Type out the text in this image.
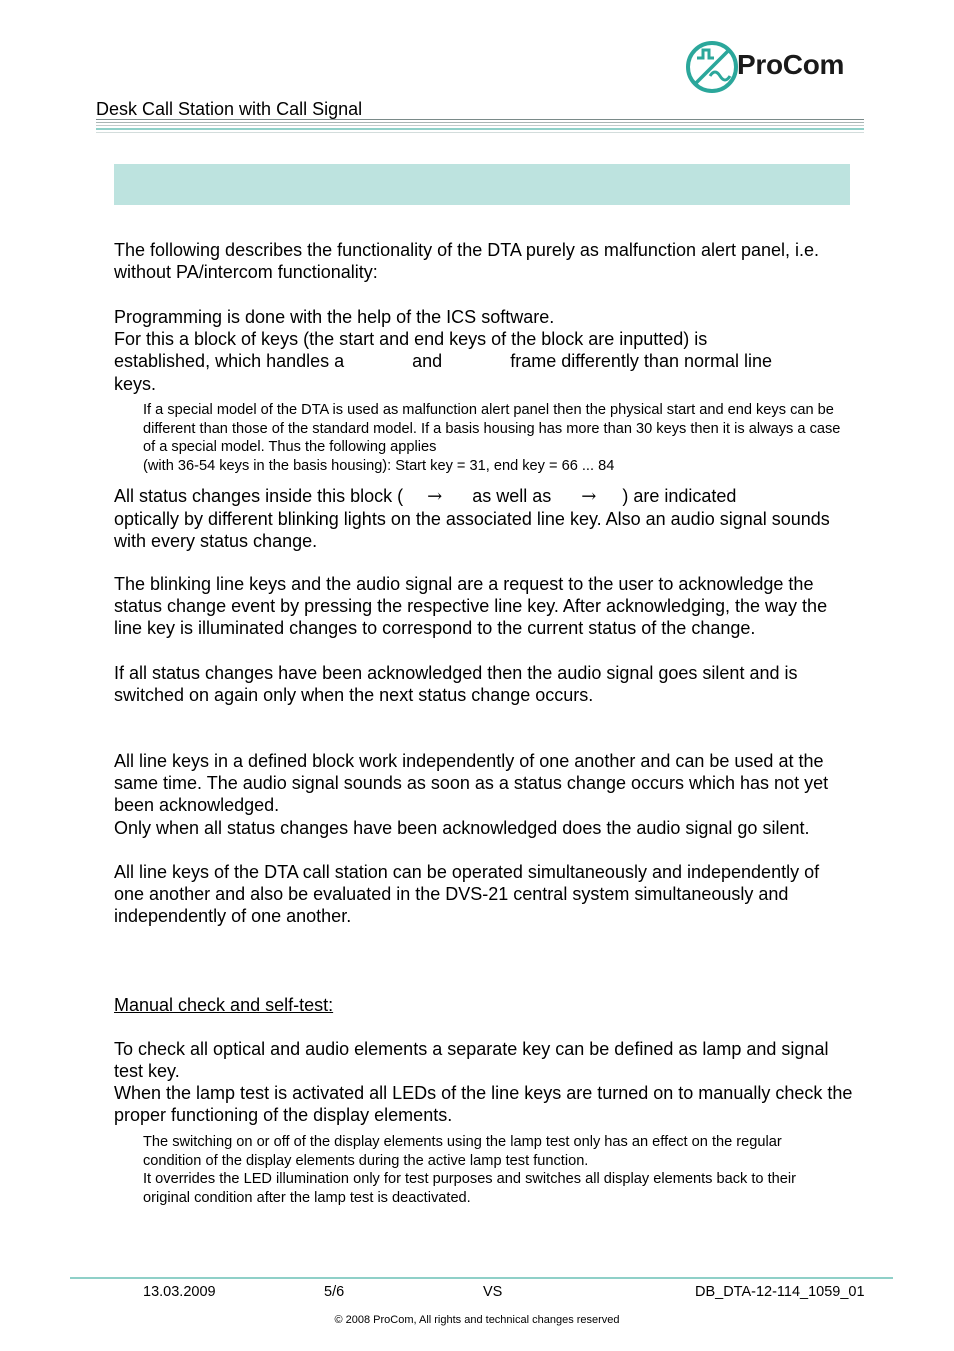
ProCom
Desk Call Station with Call Signal
The following describes the functionality of the DTA purely as malfunction alert panel, i.e. without PA/intercom functionality:
Programming is done with the help of the ICS software.
For this a block of keys (the start and end keys of the block are inputted) is
established, which handles a	and	frame differently than normal line
keys.
If a special model of the DTA is used as malfunction alert panel then the physical start and end keys can be different than those of the standard model. If a basis housing has more than 30 keys then it is always a case of a special model. Thus the following applies
(with 36-54 keys in the basis housing): Start key = 31, end key = 66 ... 84
All status changes inside this block ( → as well as → ) are indicated
optically by different blinking lights on the associated line key. Also an audio signal sounds with every status change.
The blinking line keys and the audio signal are a request to the user to acknowledge the status change event by pressing the respective line key. After acknowledging, the way the line key is illuminated changes to correspond to the current status of the change.
If all status changes have been acknowledged then the audio signal goes silent and is switched on again only when the next status change occurs.
All line keys in a defined block work independently of one another and can be used at the same time. The audio signal sounds as soon as a status change occurs which has not yet been acknowledged.
Only when all status changes have been acknowledged does the audio signal go silent.
All line keys of the DTA call station can be operated simultaneously and independently of one another and also be evaluated in the DVS-21 central system simultaneously and independently of one another.
Manual check and self-test:
To check all optical and audio elements a separate key can be defined as lamp and signal test key.
When the lamp test is activated all LEDs of the line keys are turned on to manually check the proper functioning of the display elements.
The switching on or off of the display elements using the lamp test only has an effect on the regular condition of the display elements during the active lamp test function.
It overrides the LED illumination only for test purposes and switches all display elements back to their original condition after the lamp test is deactivated.
13.03.2009	5/6	VS	DB_DTA-12-114_1059_01
© 2008 ProCom, All rights and technical changes reserved
